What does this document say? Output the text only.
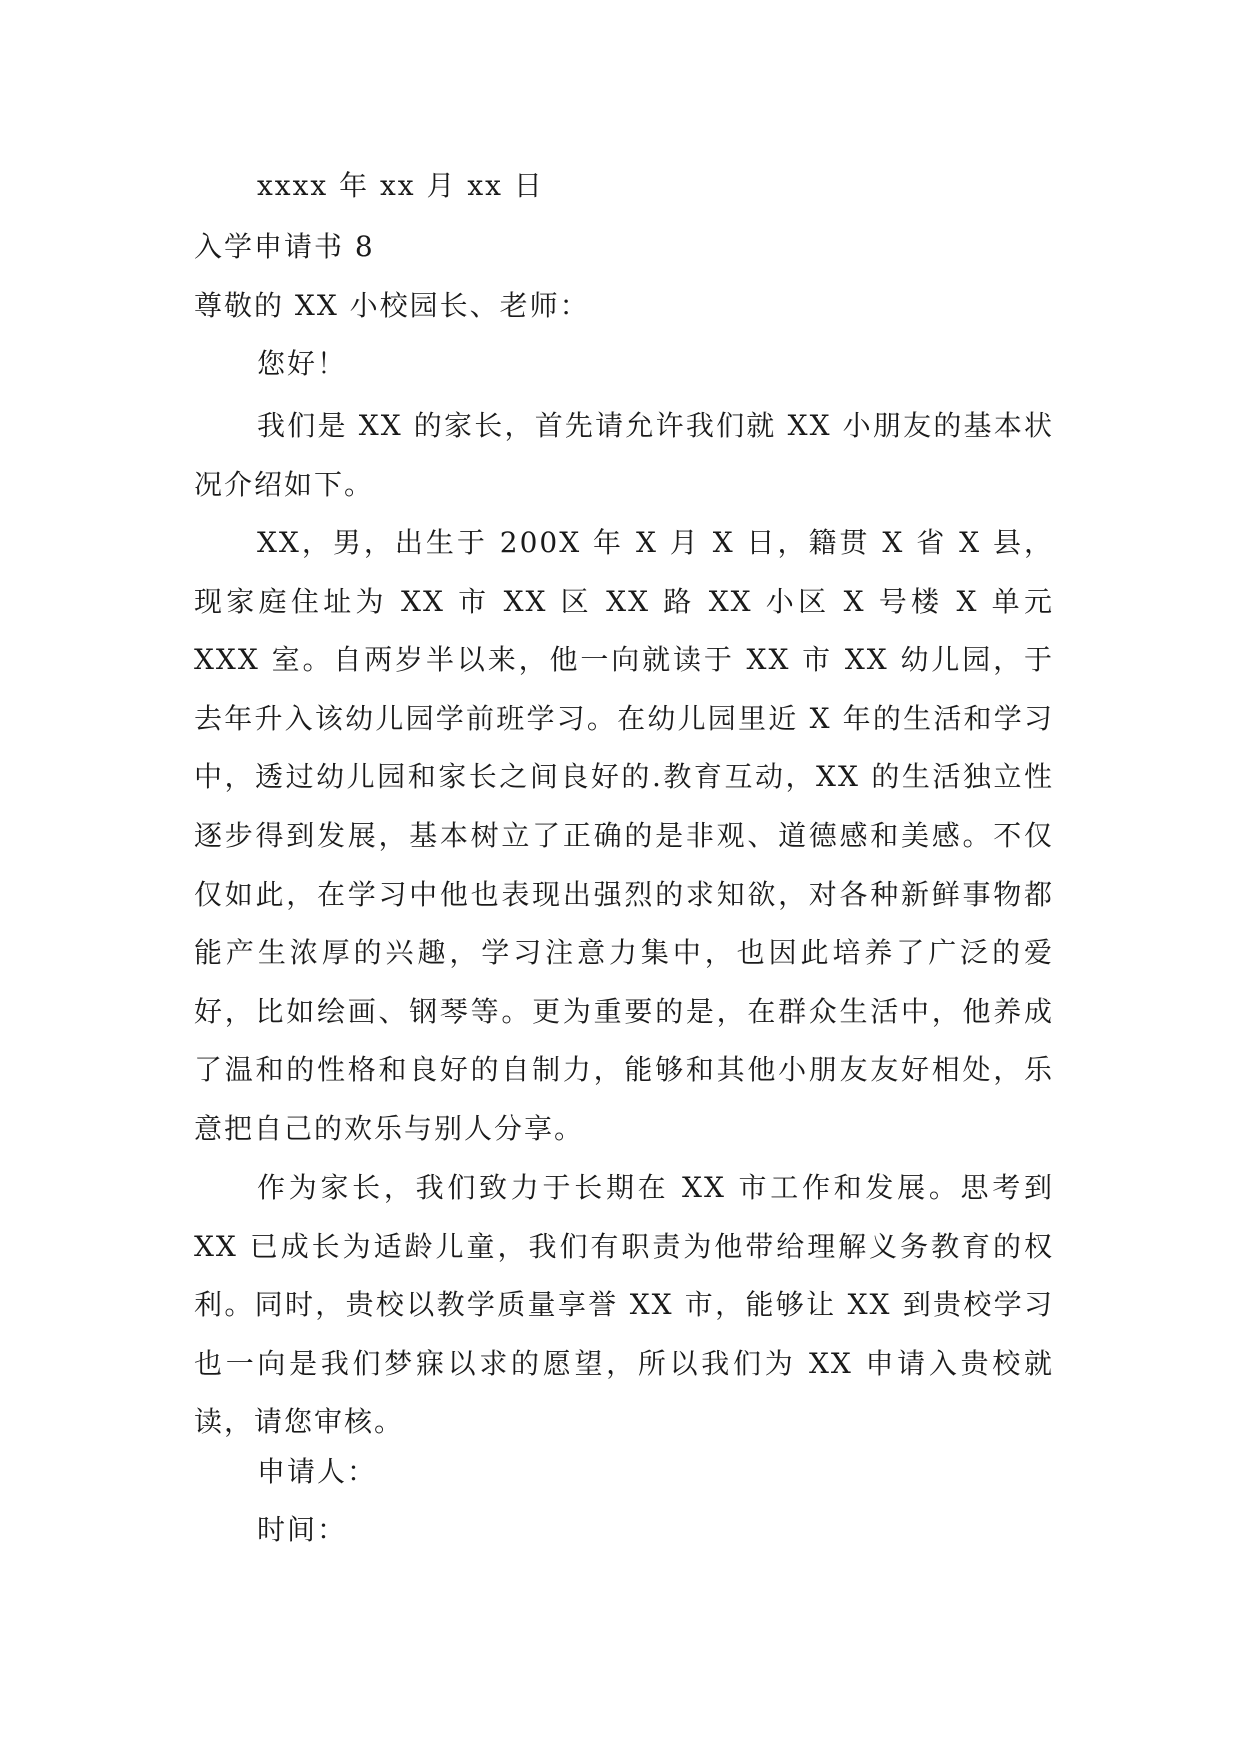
xxxx 年 xx 月 xx 日
入学申请书 8
尊敬的 XX 小校园长、老师：
您好！

我们是 XX 的家长，首先请允许我们就 XX 小朋友的基本状况介绍如下。

XX，男，出生于 200X 年 X 月 X 日，籍贯 X 省 X 县，现家庭住址为 XX 市 XX 区 XX 路 XX 小区 X 号楼 X 单元 XXX 室。自两岁半以来，他一向就读于 XX 市 XX 幼儿园，于去年升入该幼儿园学前班学习。在幼儿园里近 X 年的生活和学习中，透过幼儿园和家长之间良好的.教育互动，XX 的生活独立性逐步得到发展，基本树立了正确的是非观、道德感和美感。不仅仅如此，在学习中他也表现出强烈的求知欲，对各种新鲜事物都能产生浓厚的兴趣，学习注意力集中，也因此培养了广泛的爱好，比如绘画、钢琴等。更为重要的是，在群众生活中，他养成了温和的性格和良好的自制力，能够和其他小朋友友好相处，乐意把自己的欢乐与别人分享。

作为家长，我们致力于长期在 XX 市工作和发展。思考到 XX 已成长为适龄儿童，我们有职责为他带给理解义务教育的权利。同时，贵校以教学质量享誉 XX 市，能够让 XX 到贵校学习也一向是我们梦寐以求的愿望，所以我们为 XX 申请入贵校就读，请您审核。

申请人：
时间：
